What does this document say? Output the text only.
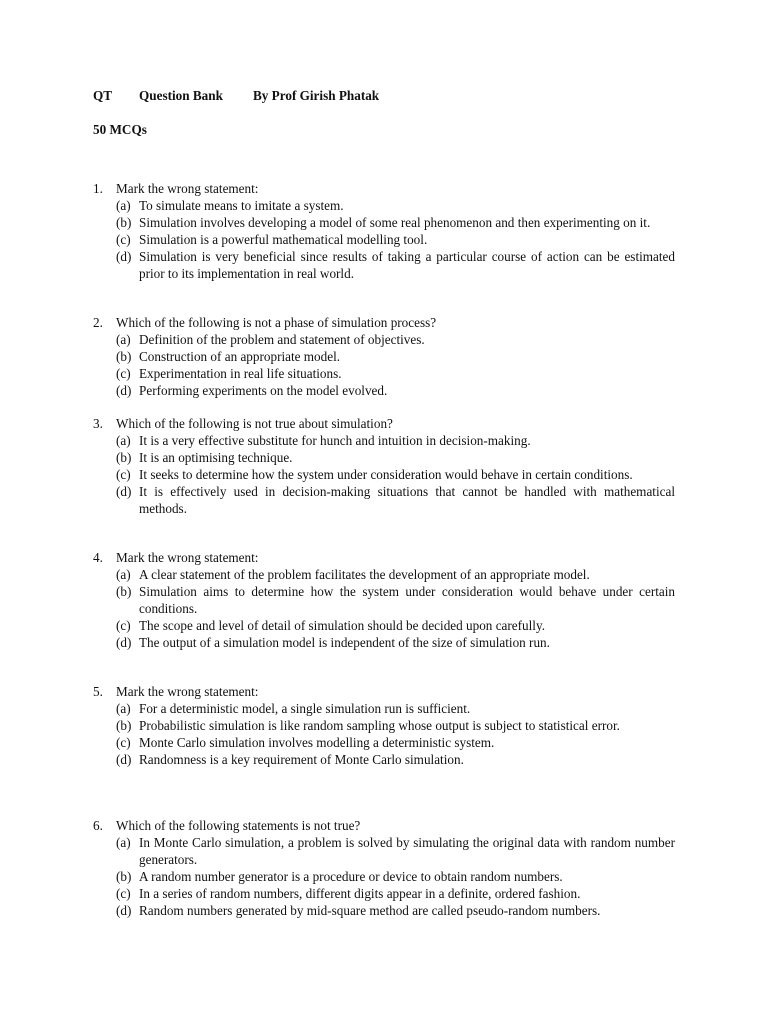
QT Question Bank By Prof Girish Phatak
50 MCQs
1. Mark the wrong statement:
(a) To simulate means to imitate a system.
(b) Simulation involves developing a model of some real phenomenon and then experimenting on it.
(c) Simulation is a powerful mathematical modelling tool.
(d) Simulation is very beneficial since results of taking a particular course of action can be estimated prior to its implementation in real world.
2. Which of the following is not a phase of simulation process?
(a) Definition of the problem and statement of objectives.
(b) Construction of an appropriate model.
(c) Experimentation in real life situations.
(d) Performing experiments on the model evolved.
3. Which of the following is not true about simulation?
(a) It is a very effective substitute for hunch and intuition in decision-making.
(b) It is an optimising technique.
(c) It seeks to determine how the system under consideration would behave in certain conditions.
(d) It is effectively used in decision-making situations that cannot be handled with mathematical methods.
4. Mark the wrong statement:
(a) A clear statement of the problem facilitates the development of an appropriate model.
(b) Simulation aims to determine how the system under consideration would behave under certain conditions.
(c) The scope and level of detail of simulation should be decided upon carefully.
(d) The output of a simulation model is independent of the size of simulation run.
5. Mark the wrong statement:
(a) For a deterministic model, a single simulation run is sufficient.
(b) Probabilistic simulation is like random sampling whose output is subject to statistical error.
(c) Monte Carlo simulation involves modelling a deterministic system.
(d) Randomness is a key requirement of Monte Carlo simulation.
6. Which of the following statements is not true?
(a) In Monte Carlo simulation, a problem is solved by simulating the original data with random number generators.
(b) A random number generator is a procedure or device to obtain random numbers.
(c) In a series of random numbers, different digits appear in a definite, ordered fashion.
(d) Random numbers generated by mid-square method are called pseudo-random numbers.
